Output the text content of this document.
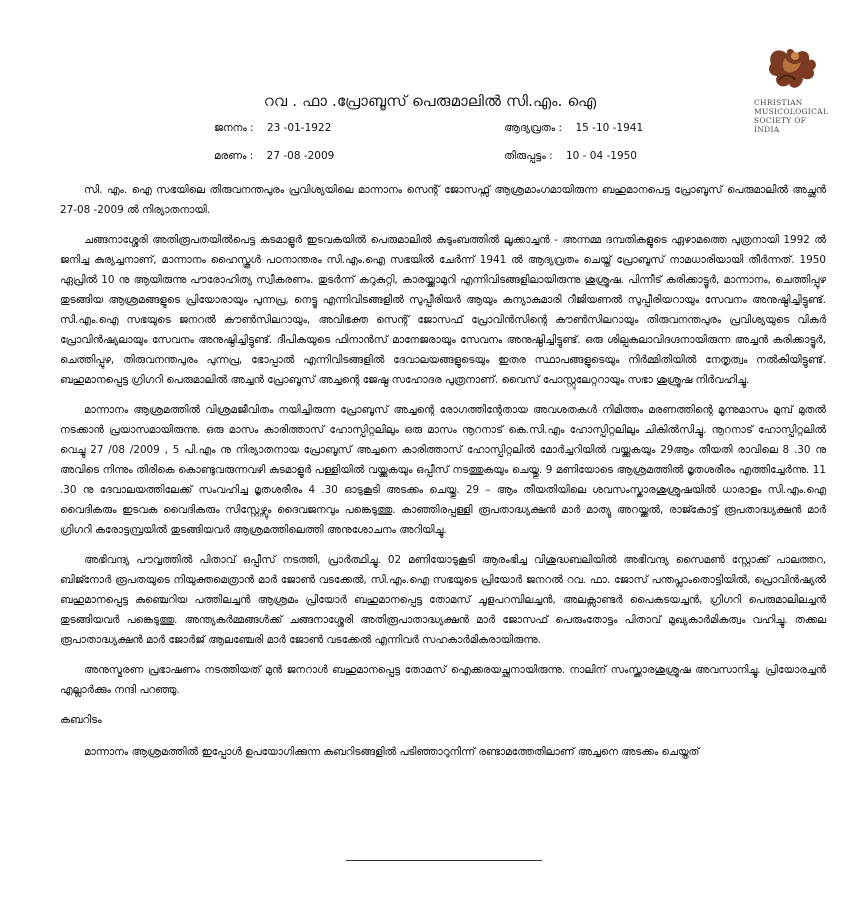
CHRISTIAN
MUSICOLOGICAL
SOCIETY OF INDIA
റവ . ഫാ .പ്രോബൂസ് പെരുമാലിൽ സി.എം. ഐ
ജനനം : 23 -01-1922	ആദ്യവ്രതം : 15 -10 -1941
മരണം : 27 -08 -2009	തിരുപ്പട്ടം : 10 - 04 -1950

സി. എം. ഐ സഭയിലെ തിരുവനന്തപുരം പ്രവിശ്യയിലെ മാന്നാനം സെന്റ് ജോസഫ്സ് ആശ്രമാംഗമായിരുന്ന ബഹുമാനപെട്ട പ്രോബൂസ് പെരുമാലിൽ അച്ഛൻ 27-08 -2009 ൽ നിര്യാതനായി.

ചങ്ങനാശ്ശേരി അതിരൂപതയിൽപെട്ട കുടമാളൂർ ഇടവകയിൽ പെരുമാലിൽ കുടുംബത്തിൽ ലൂക്കാച്ചൻ - അന്നമ്മ ദമ്പതികളുടെ ഏഴാമത്തെ പുത്രനായി 1992 ൽ ജനിച്ച കുര്യച്ചനാണ്, മാന്നാനം ഹൈസ്കൂൾ പഠനാന്തരം സി.എം.ഐ സഭയിൽ ചേർന്ന് 1941 ൽ ആദ്യവ്രതം ചെയ്ത് പ്രോബൂസ് നാമധാരിയായി തീർന്നത്. 1950 ഏപ്രിൽ 10 നു ആയിരുന്നു പൗരോഹിത്യ സ്വീകരണം. തുടർന്ന് കറുകുറ്റി, കാരയ്ക്കാമുറി എന്നിവിടങ്ങളിലായിരുന്നു ശുശ്രൂഷ. പിന്നീട് കരിക്കാട്ടൂർ, മാന്നാനം, ചെത്തിപ്പുഴ തുടങ്ങിയ ആശ്രമങ്ങളുടെ പ്രിയോരായും പുന്നപ്ര, നെട്ടൂ എന്നിവിടങ്ങളിൽ സുപ്പീരിയർ ആയും കന്യാകുമാരി റീജിയണൽ സുപ്പീരിയറായും സേവനം അനുഷ്ഠിച്ചിട്ടുണ്ട്. സി.എം.ഐ സഭയുടെ ജനറൽ കൗൺസിലറായും, അവിഭക്ത സെന്റ് ജോസഫ് പ്രോവിൻസിന്റെ കൗൺസിലറായും തിരുവനന്തപുരം പ്രവിശ്യയുടെ വികർ പ്രോവിൻഷ്യലായും സേവനം അനുഷ്ഠിച്ചിട്ടുണ്ട്. ദീപികയുടെ ഫിനാൻസ് മാനേജരായും സേവനം അനുഷ്ഠിച്ചിട്ടുണ്ട്. ഒരു ശില്പകലാവിദഗ്ദനായിരുന്ന അച്ചൻ കരിക്കാട്ടൂർ, ചെത്തിപ്പുഴ, തിരുവനന്തപുരം പുന്നപ്ര, ഭോപ്പാൽ എന്നിവിടങ്ങളിൽ ദേവാലയങ്ങളുടെയും ഇതര സ്ഥാപങ്ങളുടെയും നിർമ്മിതിയിൽ നേതൃത്വം നൽകിയിട്ടുണ്ട്. ബഹുമാനപ്പെട്ട ഗ്രിഗറി പെരുമാലിൽ അച്ചൻ പ്രോബൂസ് അച്ചന്റെ ജേഷ്ഠ സഹോദര പുത്രനാണ്. വൈസ് പോസ്റ്റുലേറ്ററായും സഭാ ശുശ്രൂഷ നിർവഹിച്ചു.

മാന്നാനം ആശ്രമത്തിൽ വിശ്രമജീവിതം നയിച്ചിരുന്ന പ്രോബൂസ് അച്ചന്റെ രോഗത്തിന്റേതായ അവശതകൾ നിമിത്തം മരണത്തിന്റെ മൂന്നുമാസം മുമ്പ് മുതൽ നടക്കാൻ പ്രയാസമായിരുന്നു. ഒരു മാസം കാരിത്താസ് ഹോസ്പിറ്റലിലും ഒരു മാസം നൂറനാട് കെ.സി.എം ഹോസ്പിറ്റലിലും ചികിൽസിച്ചു. നൂറനാട് ഹോസ്പിറ്റലിൽ വെച്ചു 27 /08 /2009 , 5 പി.എം നു നിര്യാതനായ പ്രോബൂസ് അച്ചനെ കാരിത്താസ് ഹോസ്പിറ്റലിൽ മോർച്ചറിയിൽ വയ്ക്കുകയും 29ആം തീയതി രാവിലെ 8 .30 നു അവിടെ നിന്നും തിരികെ കൊണ്ടുവരുന്നവഴി കുടമാളൂർ പള്ളിയിൽ വയ്ക്കുകയും ഒപ്പീസ് നടത്തുകയും ചെയ്തു. 9 മണിയോടെ ആശ്രമത്തിൽ മൃതശരീരം എത്തിച്ചേർന്നു. 11 .30 നു ദേവാലയത്തിലേക്ക് സംവഹിച്ച മൃതശരീരം 4 .30 ഓടുകൂടി അടക്കം ചെയ്തു. 29 – ആം തീയതിയിലെ ശവസംസ്കാരശുശ്രുഷയിൽ ധാരാളം സി.എം.ഐ വൈദികരും ഇടവക വൈദികരും സിസ്റ്റേഴ്സും ദൈവജനവും പങ്കെടുത്തു. കാഞ്ഞിരപ്പള്ളി രൂപതാദ്ധ്യക്ഷൻ മാർ മാത്യു അറയ്ക്കൽ, രാജ്കോട്ട് രൂപതാദ്ധ്യക്ഷൻ മാർ ഗ്രിഗറി കരോട്ടമ്പ്രയിൽ തുടങ്ങിയവർ ആശ്രമത്തിലെത്തി അനുശോചനം അറിയിച്ചു.

അഭിവന്ദ്യ പൗവ്വത്തിൽ പിതാവ് ഒപ്പീസ് നടത്തി, പ്രാർത്ഥിച്ചു. 02 മണിയോടുകൂടി ആരംഭിച്ച വിശുദ്ധബലിയിൽ അഭിവന്ദ്യ സൈമൺ സ്റ്റോക്ക് പാലത്തറ, ബിജ്നോർ രൂപതയുടെ നിയുക്തമെത്രാൻ മാർ ജോൺ വടക്കേൽ, സി.എം.ഐ സഭയുടെ പ്രിയോർ ജനറൽ റവ. ഫാ. ജോസ് പന്തപ്ലാംതൊട്ടിയിൽ, പ്രൊവിൻഷ്യൽ ബഹുമാനപ്പെട്ട കുഞ്ചെറിയ പത്തിലച്ചൻ ആശ്രമം പ്രിയോർ ബഹുമാനപ്പെട്ട തോമസ് ചൂളപറമ്പിലച്ചൻ, അലക്സാണ്ടർ പൈകടയച്ചൻ, ഗ്രിഗറി പെരുമാലിലച്ചൻ തുടങ്ങിയവർ പങ്കെടുത്തു. അന്ത്യകർമ്മങ്ങൾക്ക് ചങ്ങനാശ്ശേരി അതിരൂപാതാദ്ധ്യക്ഷൻ മാർ ജോസഫ് പെരുംതോട്ടം പിതാവ് മുഖ്യകാർമികത്വം വഹിച്ചു. തക്കല രൂപാതാദ്ധ്യക്ഷൻ മാർ ജോർജ് ആലഞ്ചേരി മാർ ജോൺ വടക്കേൽ എന്നിവർ സഹകാർമികരായിരുന്നു.

അനുസ്മരണ പ്രഭാഷണം നടത്തിയത് മുൻ ജനറാൾ ബഹുമാനപ്പെട്ട തോമസ് ഐക്കരയച്ഛനായിരുന്നു. നാലിന് സംസ്ക്കാരശുശ്രൂഷ അവസാനിച്ചു. പ്രിയോരച്ചൻ എല്ലാർക്കും നന്ദി പറഞ്ഞു.

കബറിടം

മാന്നാനം ആശ്രമത്തിൽ ഇപ്പോൾ ഉപയോഗിക്കുന്ന കബറിടങ്ങളിൽ പടിഞ്ഞാറുനിന്ന് രണ്ടാമത്തേതിലാണ് അച്ചനെ അടക്കം ചെയ്തത്
